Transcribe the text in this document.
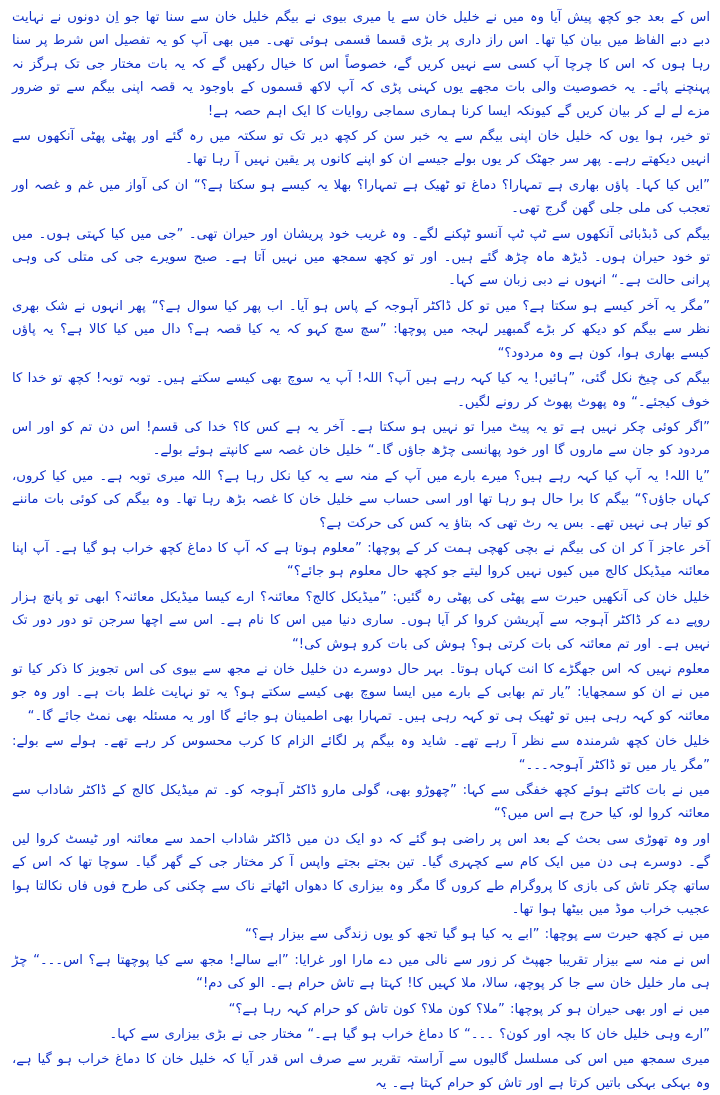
اس کے بعد جو کچھ پیش آیا وہ میں نے خلیل خان سے یا میری بیوی نے بیگم خلیل خان سے سنا تھا جو اِن دونوں نے نہایت دبے دبے الفاظ میں بیان کیا تھا۔ اس راز داری پر بڑی قسما قسمی ہوئی تھی۔ میں بھی آپ کو یہ تفصیل اس شرط پر سنا رہا ہوں کہ اس کا چرچا آپ کسی سے نہیں کریں گے، خصوصاً اس کا خیال رکھیں گے کہ یہ بات مختار جی تک ہرگز نہ پہنچنے پائے۔ یہ خصوصیت والی بات مجھے یوں کہنی پڑی کہ آپ لاکھ قسموں کے باوجود یہ قصہ اپنی بیگم سے تو ضرور مزے لے لے کر بیان کریں گے کیونکہ ایسا کرنا ہماری سماجی روایات کا ایک اہم حصہ ہے!

تو خیر، ہوا یوں کہ خلیل خان اپنی بیگم سے یہ خبر سن کر کچھ دیر تک تو سکتہ میں رہ گئے اور پھٹی پھٹی آنکھوں سے انہیں دیکھتے رہے۔ پھر سر جھٹک کر یوں بولے جیسے ان کو اپنے کانوں پر یقین نہیں آ رہا تھا۔

”ایں کیا کہا۔ پاؤں بھاری ہے تمہارا؟ دماغ تو ٹھیک ہے تمہارا؟ بھلا یہ کیسے ہو سکتا ہے؟“ ان کی آواز میں غم و غصہ اور تعجب کی ملی جلی گھن گرج تھی۔

بیگم کی ڈبڈبائی آنکھوں سے ٹپ ٹپ آنسو ٹپکنے لگے۔ وہ غریب خود پریشان اور حیران تھی۔ ”جی میں کیا کہتی ہوں۔ میں تو خود حیران ہوں۔ ڈیڑھ ماہ چڑھ گئے ہیں۔ اور تو کچھ سمجھ میں نہیں آتا ہے۔ صبح سویرے جی کی متلی کی وہی پرانی حالت ہے۔“ انہوں نے دبی زبان سے کہا۔

”مگر یہ آخر کیسے ہو سکتا ہے؟ میں تو کل ڈاکٹر آہوجہ کے پاس ہو آیا۔ اب پھر کیا سوال ہے؟“ پھر انہوں نے شک بھری نظر سے بیگم کو دیکھ کر بڑے گمبھیر لہجہ میں پوچھا: ”سچ سچ کہو کہ یہ کیا قصہ ہے؟ دال میں کیا کالا ہے؟ یہ پاؤں کیسے بھاری ہوا، کون ہے وہ مردود؟“

بیگم کی چیخ نکل گئی، ”ہائیں! یہ کیا کہہ رہے ہیں آپ؟ اللہ! آپ یہ سوچ بھی کیسے سکتے ہیں۔ توبہ توبہ! کچھ تو خدا کا خوف کیجئے۔“ وہ پھوٹ پھوٹ کر رونے لگیں۔

”اگر کوئی چکر نہیں ہے تو یہ پیٹ میرا تو نہیں ہو سکتا ہے۔ آخر یہ ہے کس کا؟ خدا کی قسم! اس دن تم کو اور اس مردود کو جان سے ماروں گا اور خود پھانسی چڑھ جاؤں گا۔“ خلیل خان غصہ سے کانپتے ہوئے بولے۔

”یا اللہ! یہ آپ کیا کہہ رہے ہیں؟ میرے بارے میں آپ کے منہ سے یہ کیا نکل رہا ہے؟ اللہ میری توبہ ہے۔ میں کیا کروں، کہاں جاؤں؟“ بیگم کا برا حال ہو رہا تھا اور اسی حساب سے خلیل خان کا غصہ بڑھ رہا تھا۔ وہ بیگم کی کوئی بات ماننے کو تیار ہی نہیں تھے۔ بس یہ رٹ تھی کہ بتاؤ یہ کس کی حرکت ہے؟

آخر عاجز آ کر ان کی بیگم نے بچی کھچی ہمت کر کے پوچھا: ”معلوم ہوتا ہے کہ آپ کا دماغ کچھ خراب ہو گیا ہے۔ آپ اپنا معائنہ میڈیکل کالج میں کیوں نہیں کروا لیتے جو کچھ حال معلوم ہو جائے؟“

خلیل خان کی آنکھیں حیرت سے پھٹی کی پھٹی رہ گئیں: ”میڈیکل کالج؟ معائنہ؟ ارے کیسا میڈیکل معائنہ؟ ابھی تو پانچ ہزار روپے دے کر ڈاکٹر آہوجہ سے آپریشن کروا کر آیا ہوں۔ ساری دنیا میں اس کا نام ہے۔ اس سے اچھا سرجن تو دور دور تک نہیں ہے۔ اور تم معائنہ کی بات کرتی ہو؟ ہوش کی بات کرو ہوش کی!“

معلوم نہیں کہ اس جھگڑے کا انت کہاں ہوتا۔ بہر حال دوسرے دن خلیل خان نے مجھ سے بیوی کی اس تجویز کا ذکر کیا تو میں نے ان کو سمجھایا: ”یار تم بھابی کے بارے میں ایسا سوچ بھی کیسے سکتے ہو؟ یہ تو نہایت غلط بات ہے۔ اور وہ جو معائنہ کو کہہ رہی ہیں تو ٹھیک ہی تو کہہ رہی ہیں۔ تمہارا بھی اطمینان ہو جائے گا اور یہ مسئلہ بھی نمٹ جائے گا۔“

خلیل خان کچھ شرمندہ سے نظر آ رہے تھے۔ شاید وہ بیگم پر لگائے الزام کا کرب محسوس کر رہے تھے۔ ہولے سے بولے: ”مگر یار میں تو ڈاکٹر آہوجہ۔۔۔“

میں نے بات کاٹتے ہوئے کچھ خفگی سے کہا: ”چھوڑو بھی، گولی مارو ڈاکٹر آہوجہ کو۔ تم میڈیکل کالج کے ڈاکٹر شاداب سے معائنہ کروا لو، کیا حرج ہے اس میں؟“

اور وہ تھوڑی سی بحث کے بعد اس پر راضی ہو گئے کہ دو ایک دن میں ڈاکٹر شاداب احمد سے معائنہ اور ٹیسٹ کروا لیں گے۔ دوسرے ہی دن میں ایک کام سے کچہری گیا۔ تین بجتے بجتے واپس آ کر مختار جی کے گھر گیا۔ سوچا تھا کہ اس کے ساتھ چکر تاش کی بازی کا پروگرام طے کروں گا مگر وہ بیزاری کا دھواں اٹھاتے ناک سے چکنی کی طرح فوں فاں نکالتا ہوا عجیب خراب موڈ میں بیٹھا ہوا تھا۔

میں نے کچھ حیرت سے پوچھا: ”ابے یہ کیا ہو گیا تجھ کو یوں زندگی سے بیزار ہے؟“

اس نے منہ سے بیزار تقریبا جھپٹ کر زور سے نالی میں دے مارا اور غرایا: ”ابے سالے! مجھ سے کیا پوچھتا ہے؟ اس۔۔۔“ چڑ ہی مار خلیل خان سے جا کر پوچھ، سالا، ملا کہیں کا! کہتا ہے تاش حرام ہے۔ الو کی دم!“

میں نے اور بھی حیران ہو کر پوچھا: ”ملا؟ کون ملا؟ کون تاش کو حرام کہہ رہا ہے؟“

”ارے وہی خلیل خان کا بچہ اور کون؟ ۔۔۔“ کا دماغ خراب ہو گیا ہے۔“ مختار جی نے بڑی بیزاری سے کہا۔

میری سمجھ میں اس کی مسلسل گالیوں سے آراستہ تقریر سے صرف اس قدر آیا کہ خلیل خان کا دماغ خراب ہو گیا ہے، وہ بہکی بہکی باتیں کرتا ہے اور تاش کو حرام کہتا ہے۔ یہ
